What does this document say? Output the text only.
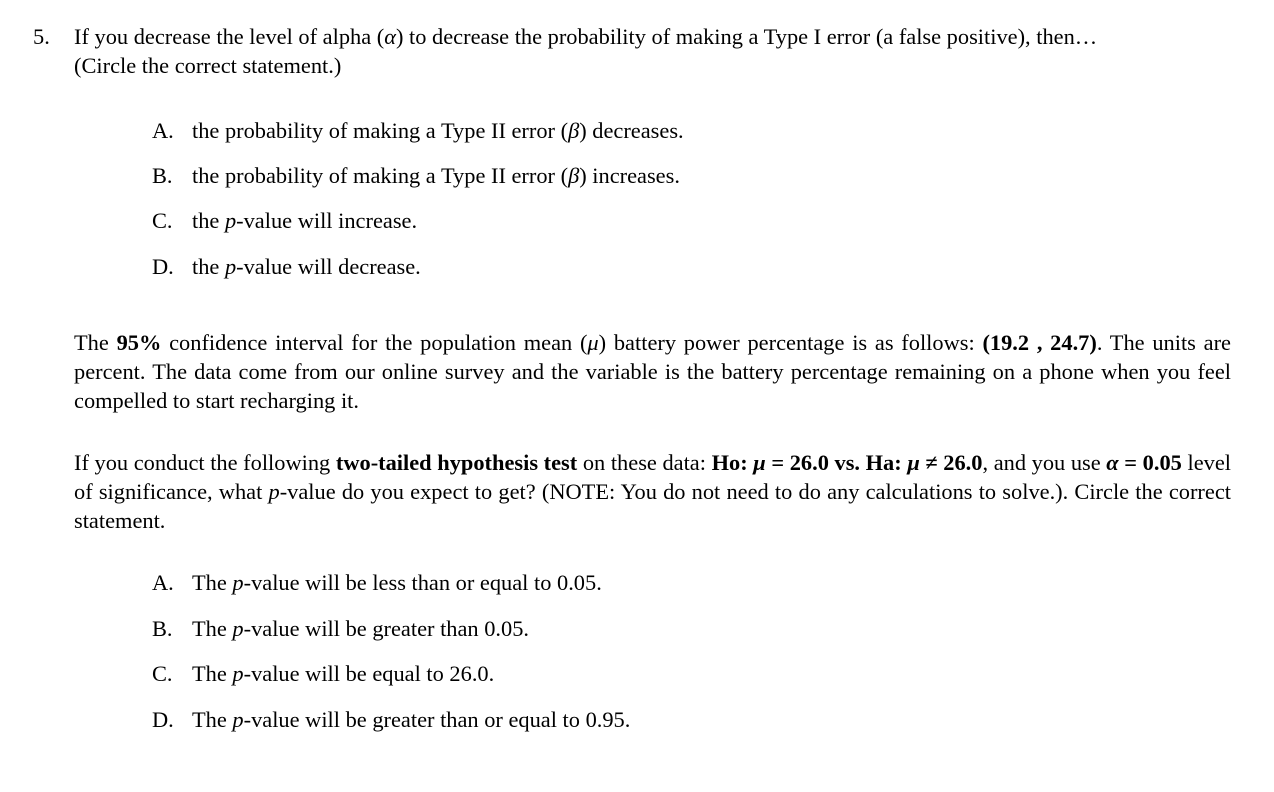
5. If you decrease the level of alpha (α) to decrease the probability of making a Type I error (a false positive), then…
(Circle the correct statement.)
A. the probability of making a Type II error (β) decreases.
B. the probability of making a Type II error (β) increases.
C. the p-value will increase.
D. the p-value will decrease.
The 95% confidence interval for the population mean (μ) battery power percentage is as follows: (19.2 , 24.7). The units are percent. The data come from our online survey and the variable is the battery percentage remaining on a phone when you feel compelled to start recharging it.
If you conduct the following two-tailed hypothesis test on these data: Ho: μ = 26.0 vs. Ha: μ ≠ 26.0, and you use α = 0.05 level of significance, what p-value do you expect to get? (NOTE: You do not need to do any calculations to solve.). Circle the correct statement.
A. The p-value will be less than or equal to 0.05.
B. The p-value will be greater than 0.05.
C. The p-value will be equal to 26.0.
D. The p-value will be greater than or equal to 0.95.
